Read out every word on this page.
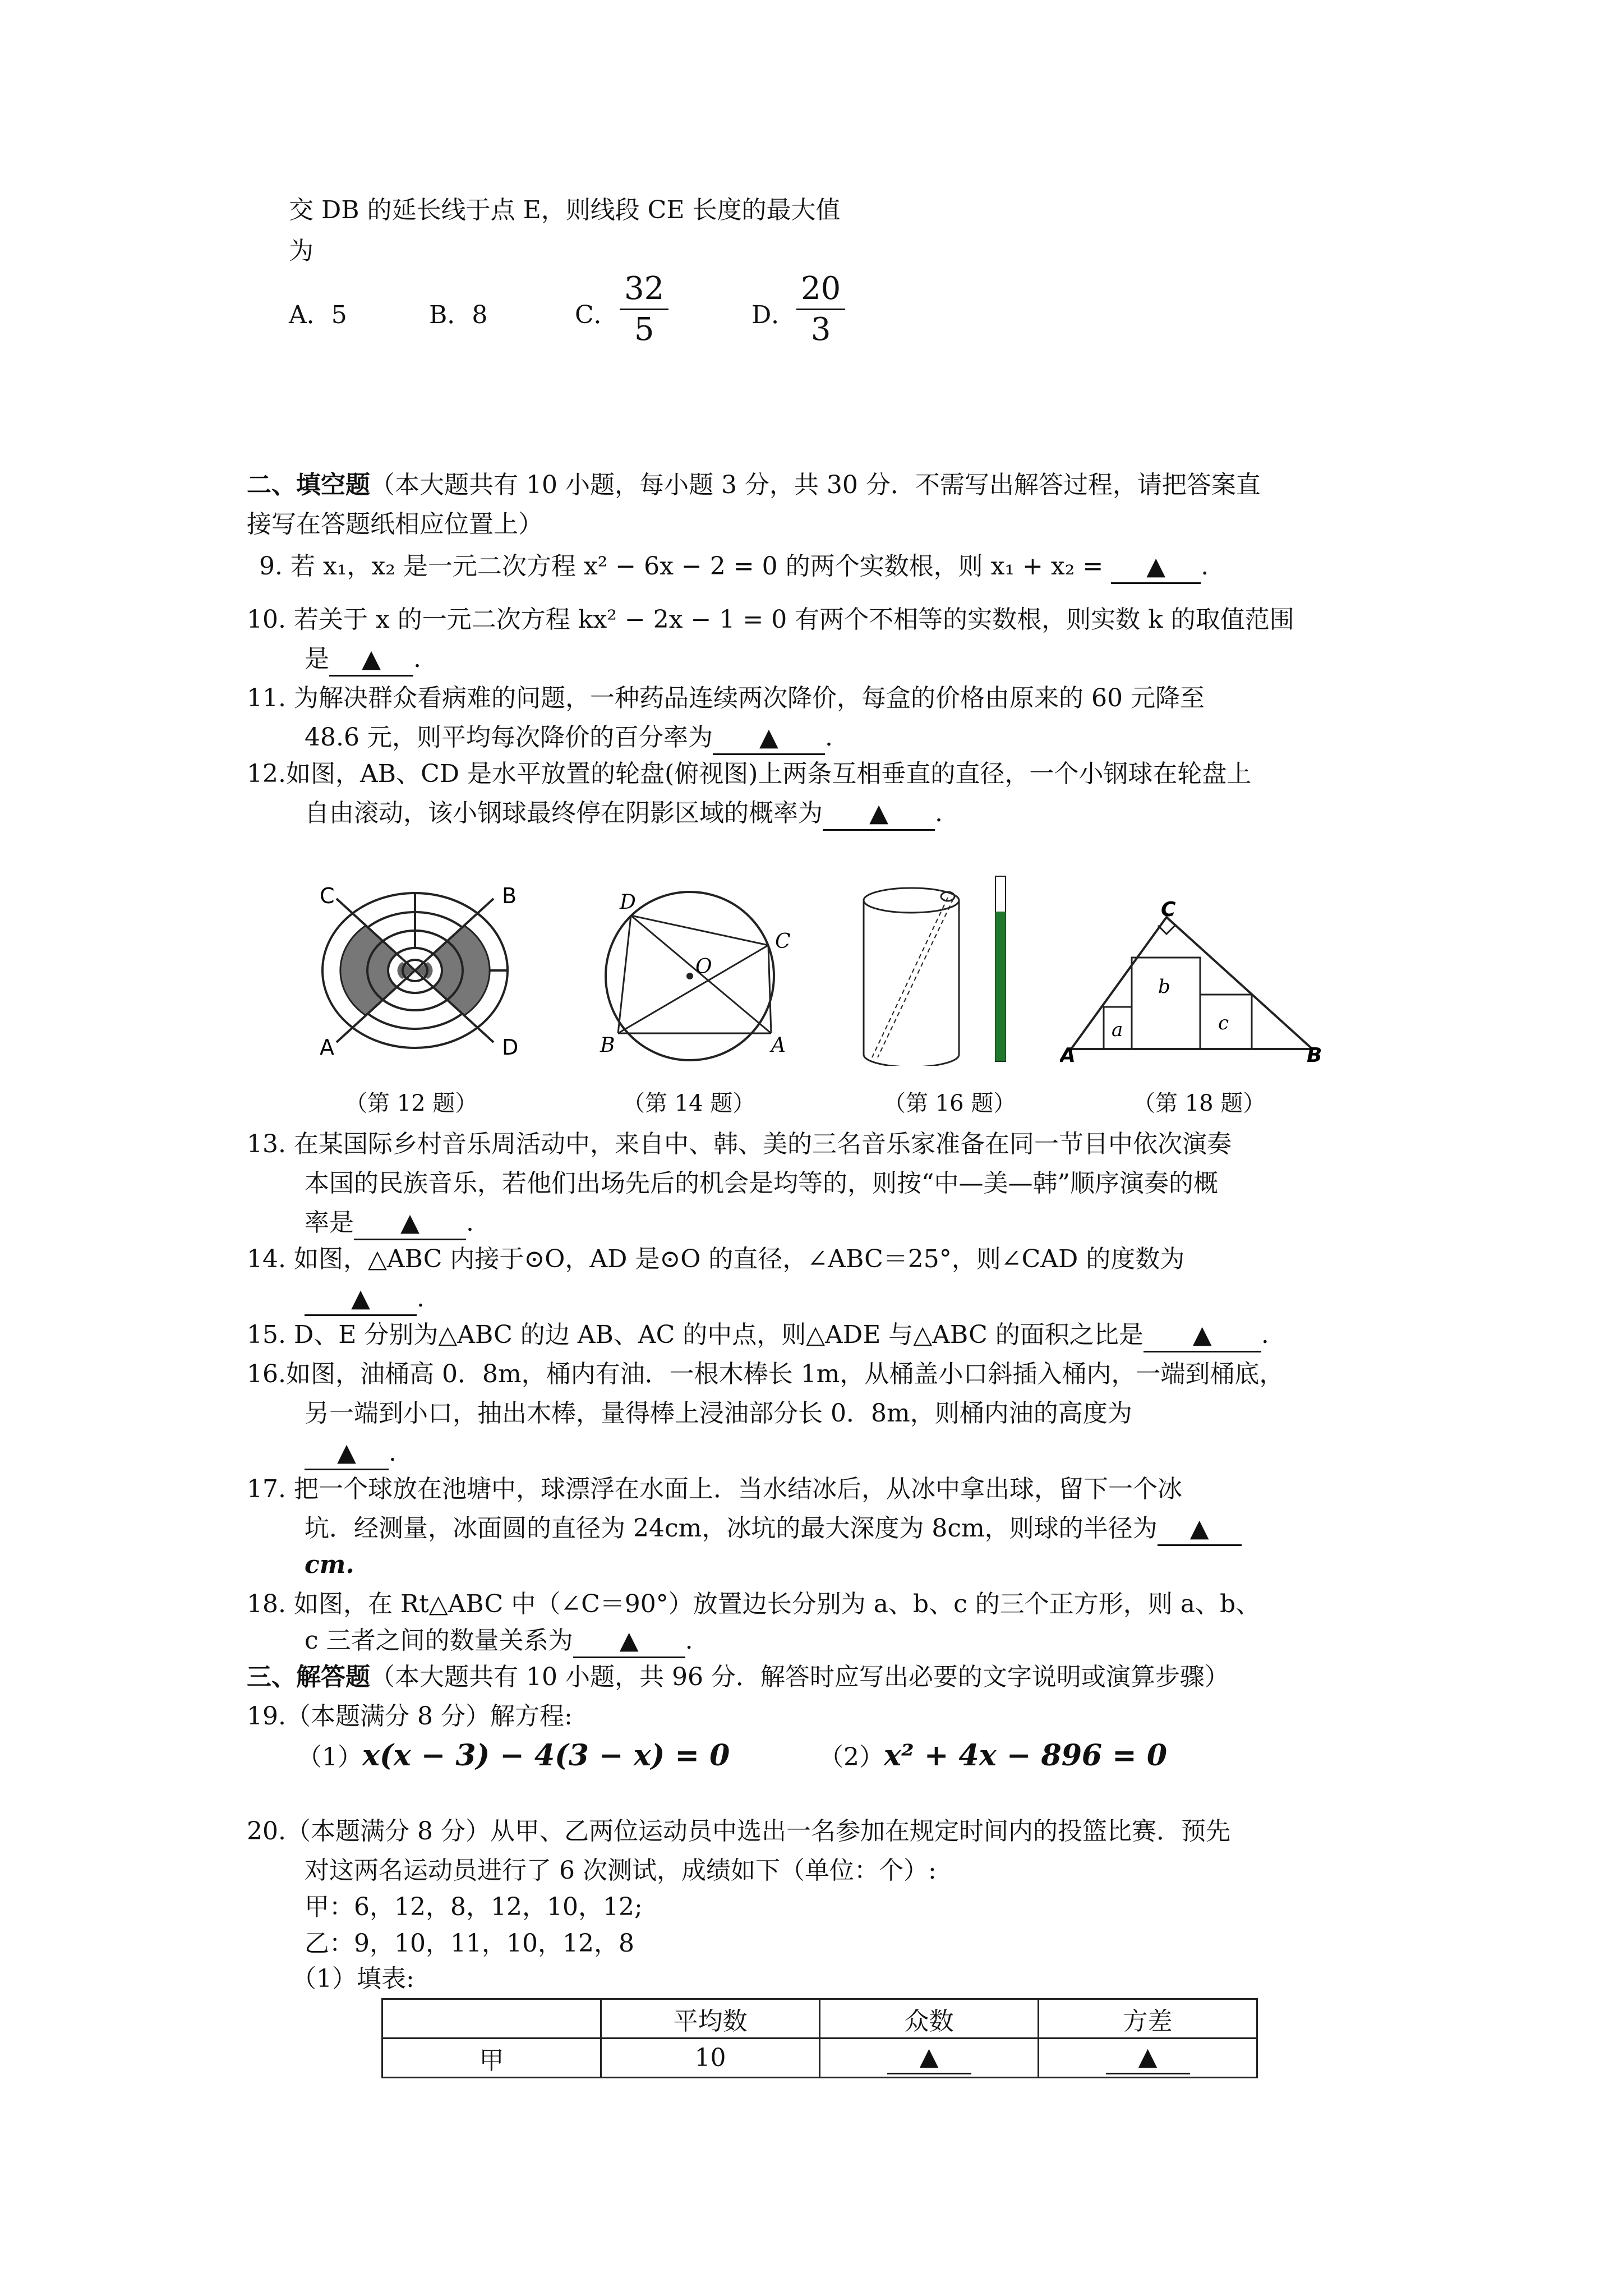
交 DB 的延长线于点 E，则线段 CE 长度的最大值
为
A．5	B．8	C． $\frac{32}{5}$	D． $\frac{20}{3}$
二、填空题（本大题共有 10 小题，每小题 3 分，共 30 分．不需写出解答过程，请把答案直
接写在答题纸相应位置上）
9. 若 x₁，x₂ 是一元二次方程 x² − 6x − 2 = 0 的两个实数根，则 x₁ + x₂ = ▲ .
10. 若关于 x 的一元二次方程 kx² − 2x − 1 = 0 有两个不相等的实数根，则实数 k 的取值范围
是 ▲ .
11. 为解决群众看病难的问题，一种药品连续两次降价，每盒的价格由原来的 60 元降至
48.6 元，则平均每次降价的百分率为 ▲ .
12.如图，AB、CD 是水平放置的轮盘(俯视图)上两条互相垂直的直径，一个小钢球在轮盘上
自由滚动，该小钢球最终停在阴影区域的概率为 ▲ .
C	B
A	D
（第 12 题）
D
C
O
B	A
（第 14 题）	（第 16 题）
C
b
a	c
A	B
（第 18 题）
13. 在某国际乡村音乐周活动中，来自中、韩、美的三名音乐家准备在同一节目中依次演奏
本国的民族音乐，若他们出场先后的机会是均等的，则按“中—美—韩”顺序演奏的概
率是 ▲ .
14. 如图，△ABC 内接于⊙O，AD 是⊙O 的直径，∠ABC＝25°，则∠CAD 的度数为
▲ .
15. D、E 分别为△ABC 的边 AB、AC 的中点，则△ADE 与△ABC 的面积之比是 ▲ .
16.如图，油桶高 0．8m，桶内有油．一根木棒长 1m，从桶盖小口斜插入桶内，一端到桶底，
另一端到小口，抽出木棒，量得棒上浸油部分长 0．8m，则桶内油的高度为
▲ .
17. 把一个球放在池塘中，球漂浮在水面上．当水结冰后，从冰中拿出球，留下一个冰
坑．经测量，冰面圆的直径为 24cm，冰坑的最大深度为 8cm，则球的半径为 ▲
cm.
18. 如图，在 Rt△ABC 中（∠C＝90°）放置边长分别为 a、b、c 的三个正方形，则 a、b、
c 三者之间的数量关系为 ▲ .
三、解答题（本大题共有 10 小题，共 96 分．解答时应写出必要的文字说明或演算步骤）
19.（本题满分 8 分）解方程:
（1）x(x − 3) − 4(3 − x) = 0	（2）x² + 4x − 896 = 0
20.（本题满分 8 分）从甲、乙两位运动员中选出一名参加在规定时间内的投篮比赛．预先
对这两名运动员进行了 6 次测试，成绩如下（单位：个）:
甲：6，12，8，12，10，12;
乙：9，10，11，10，12，8
（1）填表:
	平均数	众数	方差
甲	10	▲	▲
